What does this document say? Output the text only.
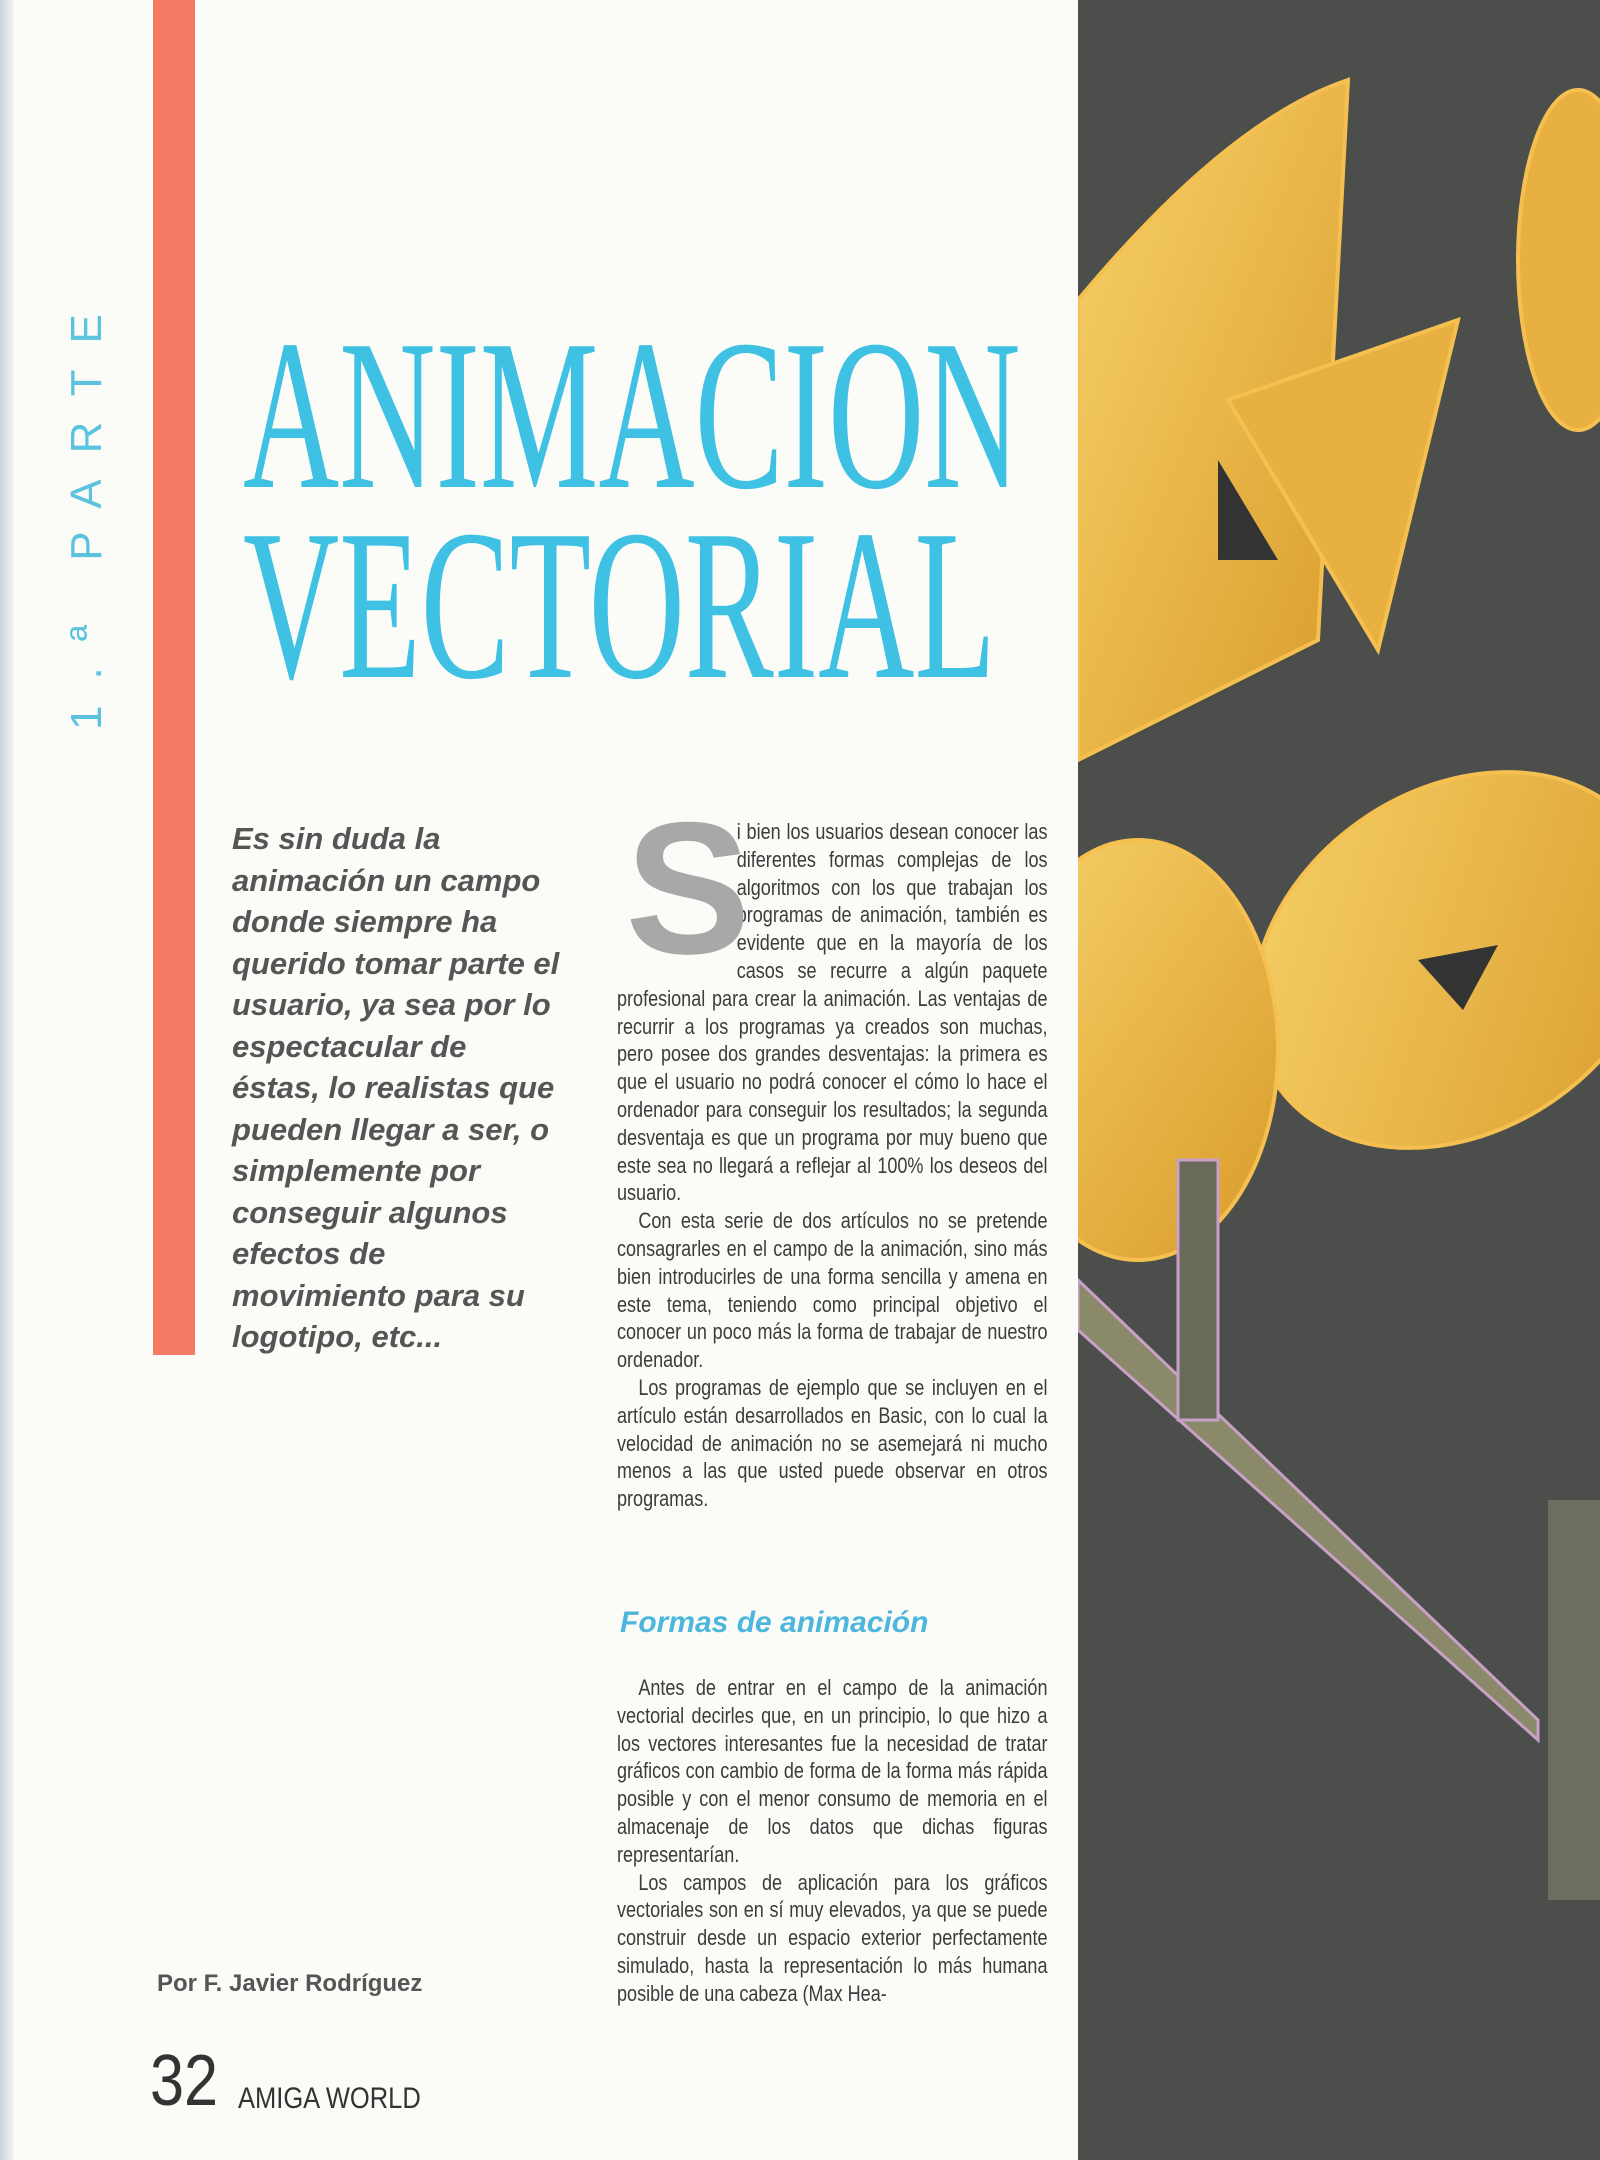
1.ª PARTE ANIMACION
VECTORIAL
Es sin duda la animación un campo donde siempre ha querido tomar parte el usuario, ya sea por lo espectacular de éstas, lo realistas que pueden llegar a ser, o simplemente por conseguir algunos efectos de movimiento para su logotipo, etc...

S
i bien los usuarios desean conocer las diferentes formas complejas de los algoritmos con los que trabajan los programas de animación, también es evidente que en la mayoría de los casos se recurre a algún paquete profesional para crear la animación. Las ventajas de recurrir a los programas ya creados son muchas, pero posee dos grandes desventajas: la primera es que el usuario no podrá conocer el cómo lo hace el ordenador para conseguir los resultados; la segunda desventaja es que un programa por muy bueno que este sea no llegará a reflejar al 100% los deseos del usuario.

Con esta serie de dos artículos no se pretende consagrarles en el campo de la animación, sino más bien introducirles de una forma sencilla y amena en este tema, teniendo como principal objetivo el conocer un poco más la forma de trabajar de nuestro ordenador.

Los programas de ejemplo que se incluyen en el artículo están desarrollados en Basic, con lo cual la velocidad de animación no se asemejará ni mucho menos a las que usted puede observar en otros programas.

Formas de animación

Antes de entrar en el campo de la animación vectorial decirles que, en un principio, lo que hizo a los vectores interesantes fue la necesidad de tratar gráficos con cambio de forma de la forma más rápida posible y con el menor consumo de memoria en el almacenaje de los datos que dichas figuras representarían.

Los campos de aplicación para los gráficos vectoriales son en sí muy elevados, ya que se puede construir desde un espacio exterior perfectamente simulado, hasta la representación lo más humana posible de una cabeza (Max Hea-

Por F. Javier Rodríguez
32 AMIGA WORLD
